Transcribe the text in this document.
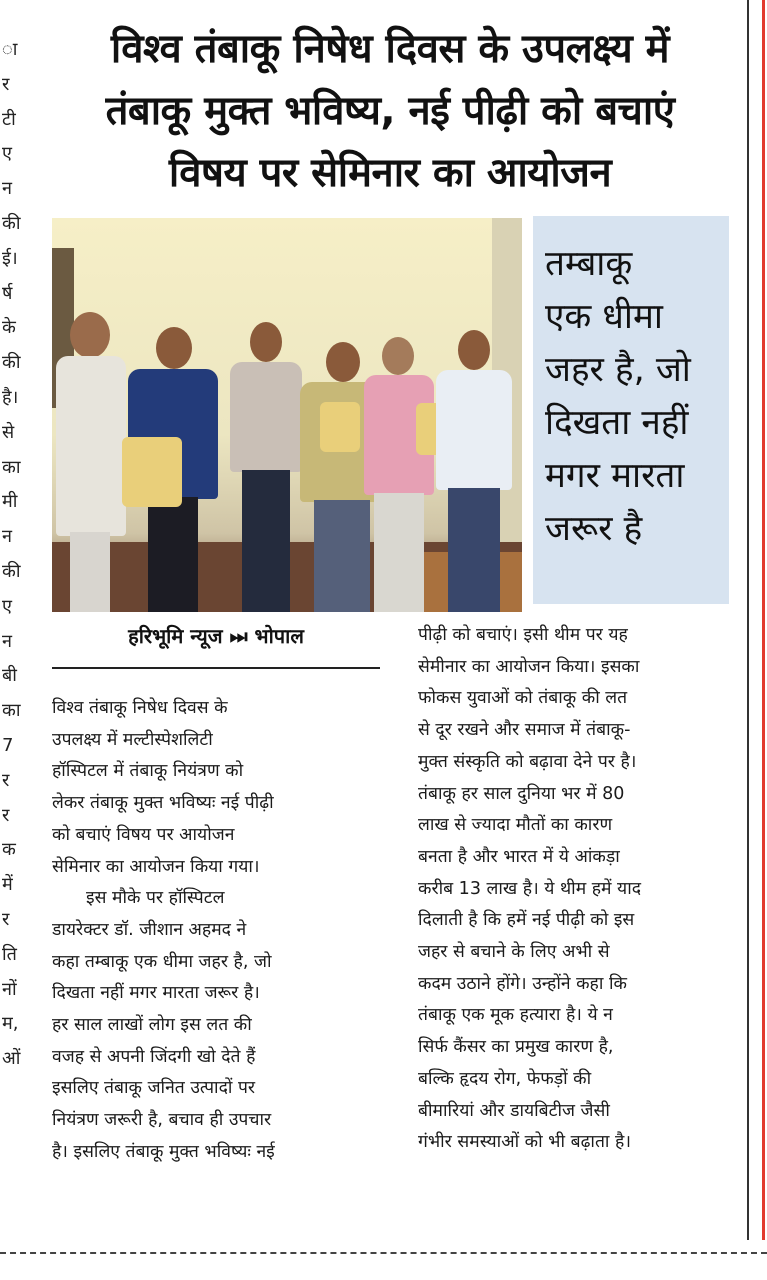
ा
र
टी
ए
न
की
ई।
र्ष
के
की
है।
से
का
मी
न
की
ए
न
बी
का
7
र
र
क
में
र
ति
नों
म,
ओं
विश्व तंबाकू निषेध दिवस के उपलक्ष्य में
तंबाकू मुक्त भविष्य, नई पीढ़ी को बचाएं
विषय पर सेमिनार का आयोजन

तम्बाकू
एक धीमा
जहर है, जो
दिखता नहीं
मगर मारता
जरूर है

हरिभूमि न्यूज ⏭ भोपाल

विश्व तंबाकू निषेध दिवस के
उपलक्ष्य में मल्टीस्पेशलिटी
हॉस्पिटल में तंबाकू नियंत्रण को
लेकर तंबाकू मुक्त भविष्यः नई पीढ़ी
को बचाएं विषय पर आयोजन
सेमिनार का आयोजन किया गया।
इस मौके पर हॉस्पिटल
डायरेक्टर डॉ. जीशान अहमद ने
कहा तम्बाकू एक धीमा जहर है, जो
दिखता नहीं मगर मारता जरूर है।
हर साल लाखों लोग इस लत की
वजह से अपनी जिंदगी खो देते हैं
इसलिए तंबाकू जनित उत्पादों पर
नियंत्रण जरूरी है, बचाव ही उपचार
है। इसलिए तंबाकू मुक्त भविष्यः नई

पीढ़ी को बचाएं। इसी थीम पर यह
सेमीनार का आयोजन किया। इसका
फोकस युवाओं को तंबाकू की लत
से दूर रखने और समाज में तंबाकू-
मुक्त संस्कृति को बढ़ावा देने पर है।
तंबाकू हर साल दुनिया भर में 80
लाख से ज्यादा मौतों का कारण
बनता है और भारत में ये आंकड़ा
करीब 13 लाख है। ये थीम हमें याद
दिलाती है कि हमें नई पीढ़ी को इस
जहर से बचाने के लिए अभी से
कदम उठाने होंगे। उन्होंने कहा कि
तंबाकू एक मूक हत्यारा है। ये न
सिर्फ कैंसर का प्रमुख कारण है,
बल्कि हृदय रोग, फेफड़ों की
बीमारियां और डायबिटीज जैसी
गंभीर समस्याओं को भी बढ़ाता है।
